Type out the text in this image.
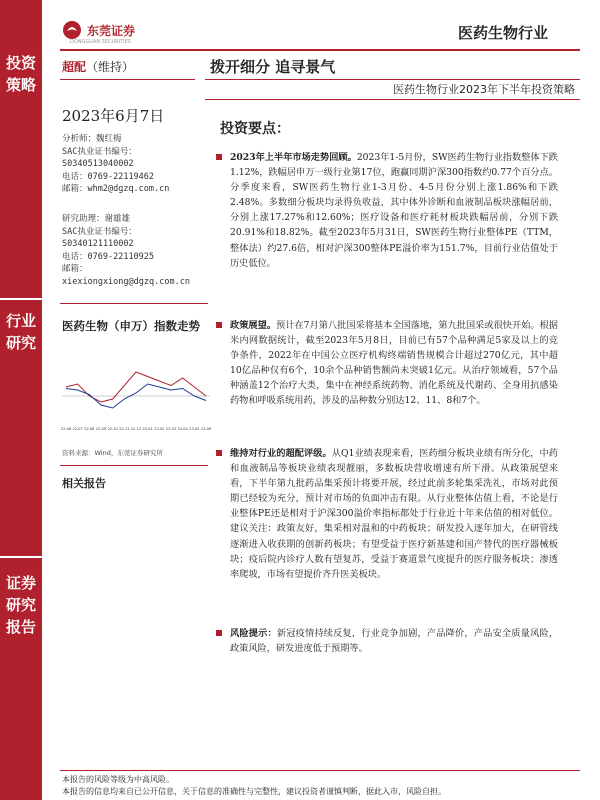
投资策略
行业研究
证券研究报告
东莞证券
DONGGUAN SECURITIES	医药生物行业
超配（维持）	拨开细分 追寻景气
医药生物行业2023年下半年投资策略
2023年6月7日
分析师：魏红梅
SAC执业证书编号：
S0340513040002
电话：0769-22119462
邮箱：whm2@dgzq.com.cn
研究助理：谢雄雄
SAC执业证书编号：
S0340121110002
电话：0769-22110925
邮箱：
xiexiongxiong@dgzq.com.cn
医药生物（申万）指数走势
22-06 22-07 22-08 22-09 22-10 22-11 22-12 23-01 23-02 23-03 23-04 23-05 23-06
资料来源：Wind，东莞证券研究所
相关报告
投资要点：
2023年上半年市场走势回顾。2023年1-5月份，SW医药生物行业指数整体下跌1.12%，跌幅居申万一级行业第17位，跑赢同期沪深300指数约0.77个百分点。分季度来看，SW医药生物行业1-3月份、4-5月份分别上涨1.86%和下跌2.48%。多数细分板块均录得负收益，其中体外诊断和血液制品板块涨幅居前，分别上涨17.27%和12.60%；医疗设备和医疗耗材板块跌幅居前，分别下跌20.91%和18.82%。截至2023年5月31日，SW医药生物行业整体PE（TTM，整体法）约27.6倍，相对沪深300整体PE溢价率为151.7%，目前行业估值处于历史低位。
政策展望。预计在7月第八批国采将基本全国落地，第九批国采或很快开始。根据米内网数据统计，截至2023年5月8日，目前已有57个品种满足5家及以上的竞争条件，2022年在中国公立医疗机构终端销售规模合计超过270亿元，其中超10亿品种仅有6个，10余个品种销售额尚未突破1亿元。从治疗领域看，57个品种涵盖12个治疗大类，集中在神经系统药物、消化系统及代谢药、全身用抗感染药物和呼吸系统用药，涉及的品种数分别达12、11、8和7个。
维持对行业的超配评级。从Q1业绩表现来看，医药细分板块业绩有所分化，中药和血液制品等板块业绩表现靓丽，多数板块营收增速有所下滑。从政策展望来看，下半年第九批药品集采预计将要开展，经过此前多轮集采洗礼，市场对此预期已经较为充分，预计对市场的负面冲击有限。从行业整体估值上看，不论是行业整体PE还是相对于沪深300溢价率指标都处于行业近十年来估值的相对低位。建议关注：政策友好，集采相对温和的中药板块；研发投入逐年加大，在研管线逐渐进入收获期的创新药板块；有望受益于医疗新基建和国产替代的医疗器械板块；疫后院内诊疗人数有望复苏，受益于赛道景气度提升的医疗服务板块；渗透率爬坡，市场有望提价齐升医美板块。
风险提示：新冠疫情持续反复，行业竞争加剧，产品降价，产品安全质量风险，政策风险，研发进度低于预期等。
本报告的风险等级为中高风险。
本报告的信息均来自已公开信息，关于信息的准确性与完整性，建议投资者谨慎判断，据此入市，风险自担。
